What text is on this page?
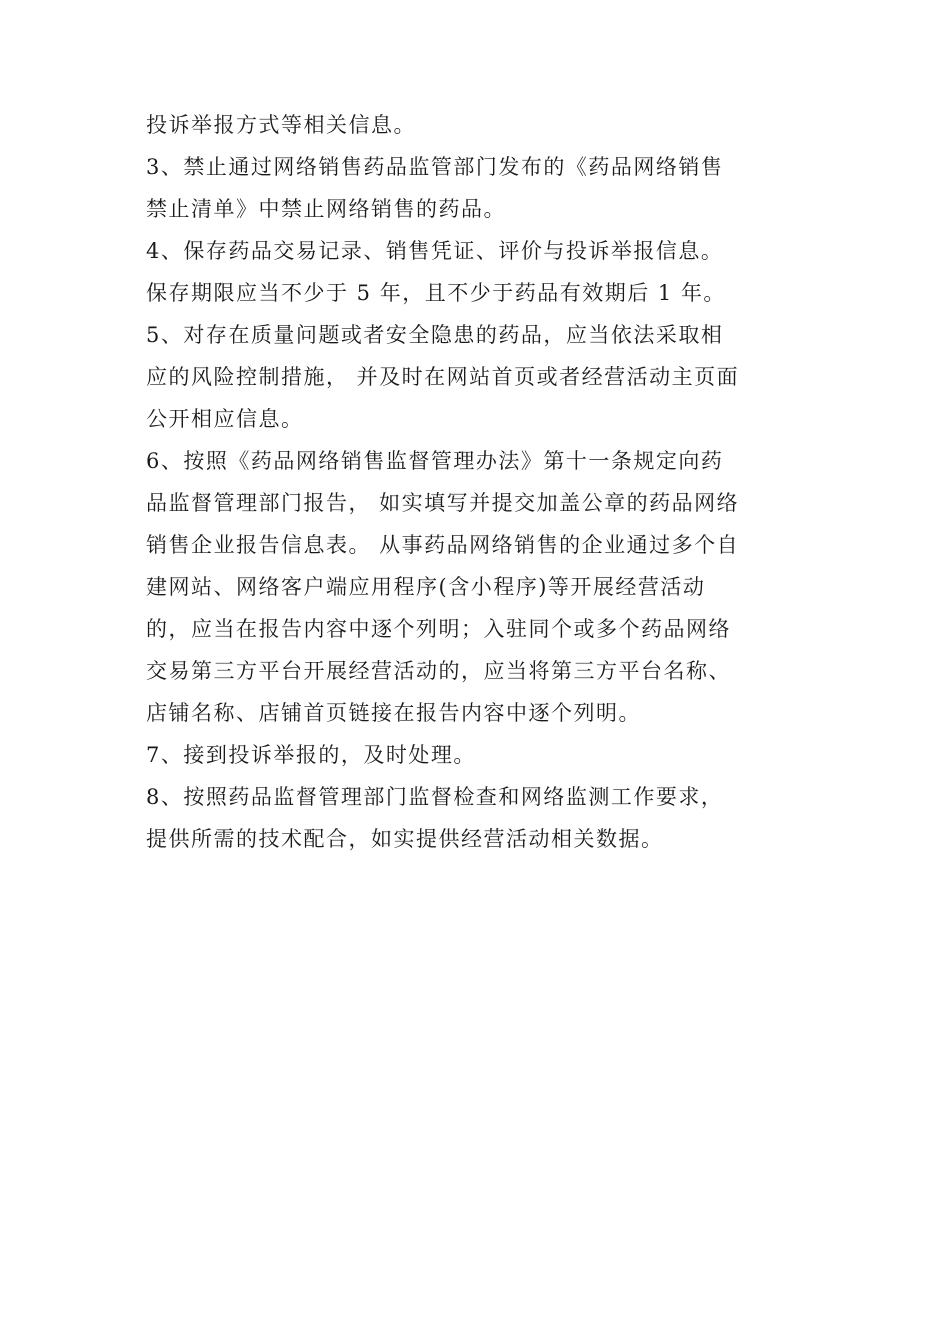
投诉举报方式等相关信息。
3、禁止通过网络销售药品监管部门发布的《药品网络销售
禁止清单》中禁止网络销售的药品。
4、保存药品交易记录、销售凭证、评价与投诉举报信息。
保存期限应当不少于 5 年，且不少于药品有效期后 1 年。
5、对存在质量问题或者安全隐患的药品，应当依法采取相
应的风险控制措施， 并及时在网站首页或者经营活动主页面
公开相应信息。
6、按照《药品网络销售监督管理办法》第十一条规定向药
品监督管理部门报告， 如实填写并提交加盖公章的药品网络
销售企业报告信息表。 从事药品网络销售的企业通过多个自
建网站、网络客户端应用程序(含小程序)等开展经营活动
的，应当在报告内容中逐个列明；入驻同个或多个药品网络
交易第三方平台开展经营活动的，应当将第三方平台名称、
店铺名称、店铺首页链接在报告内容中逐个列明。
7、接到投诉举报的，及时处理。
8、按照药品监督管理部门监督检查和网络监测工作要求，
提供所需的技术配合，如实提供经营活动相关数据。
